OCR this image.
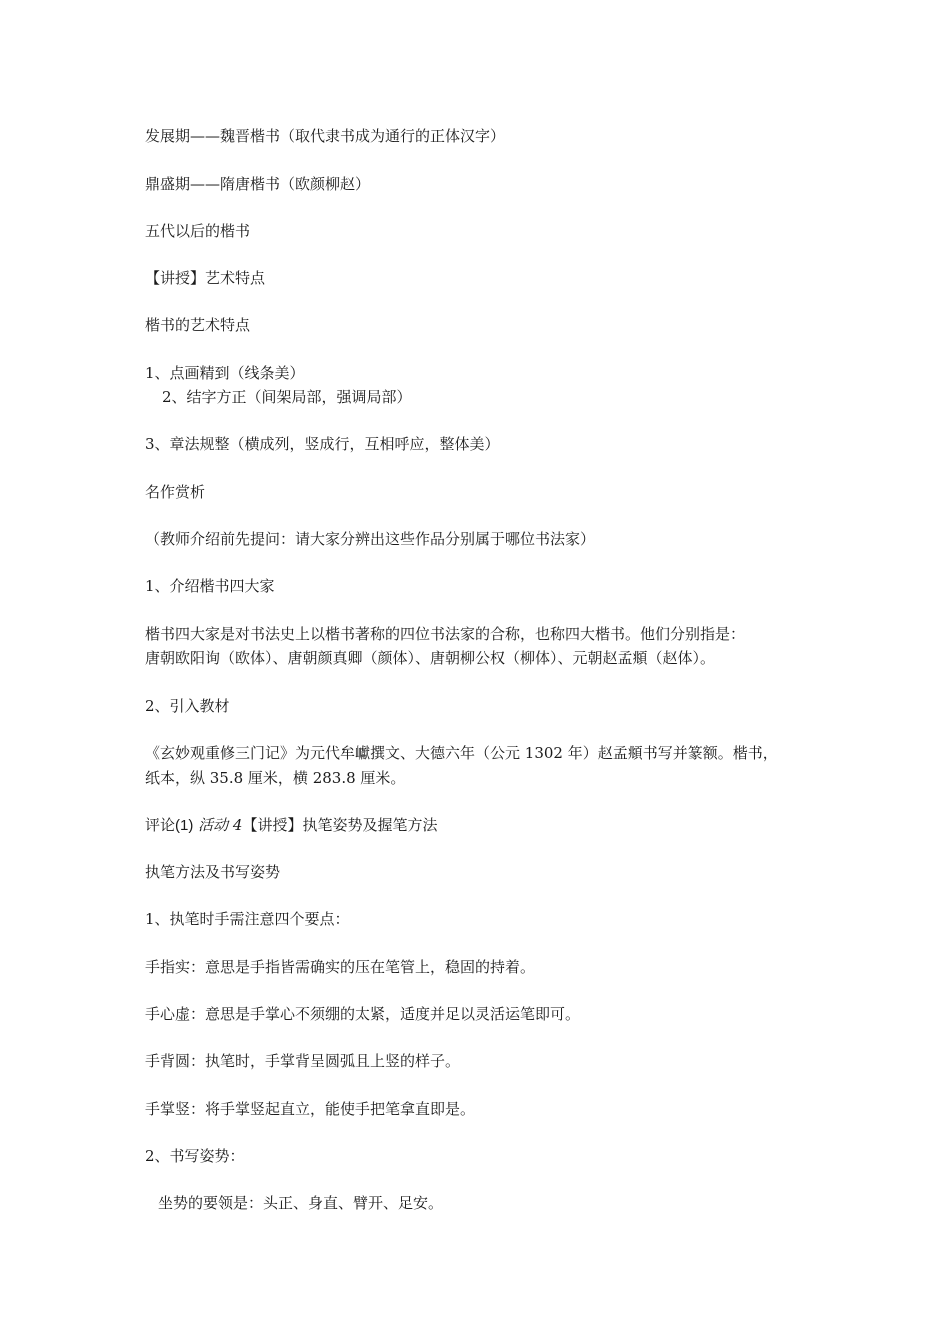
发展期——魏晋楷书（取代隶书成为通行的正体汉字）
鼎盛期——隋唐楷书（欧颜柳赵）
五代以后的楷书
【讲授】艺术特点
楷书的艺术特点
1、点画精到（线条美）
2、结字方正（间架局部，强调局部）
3、章法规整（横成列，竖成行，互相呼应，整体美）
名作赏析
（教师介绍前先提问：请大家分辨出这些作品分别属于哪位书法家）
1、介绍楷书四大家
楷书四大家是对书法史上以楷书著称的四位书法家的合称，也称四大楷书。他们分别指是：
唐朝欧阳询（欧体）、唐朝颜真卿（颜体）、唐朝柳公权（柳体）、元朝赵孟頫（赵体）。
2、引入教材
《玄妙观重修三门记》为元代牟巘撰文、大德六年（公元 1302 年）赵孟頫书写并篆额。楷书，
纸本，纵 35.8 厘米，横 283.8 厘米。
评论(1) 活动 4【讲授】执笔姿势及握笔方法
执笔方法及书写姿势
1、执笔时手需注意四个要点：
手指实：意思是手指皆需确实的压在笔管上，稳固的持着。
手心虚：意思是手掌心不须绷的太紧，适度并足以灵活运笔即可。
手背圆：执笔时，手掌背呈圆弧且上竖的样子。
手掌竖：将手掌竖起直立，能使手把笔拿直即是。
2、书写姿势：
坐势的要领是：头正、身直、臂开、足安。
